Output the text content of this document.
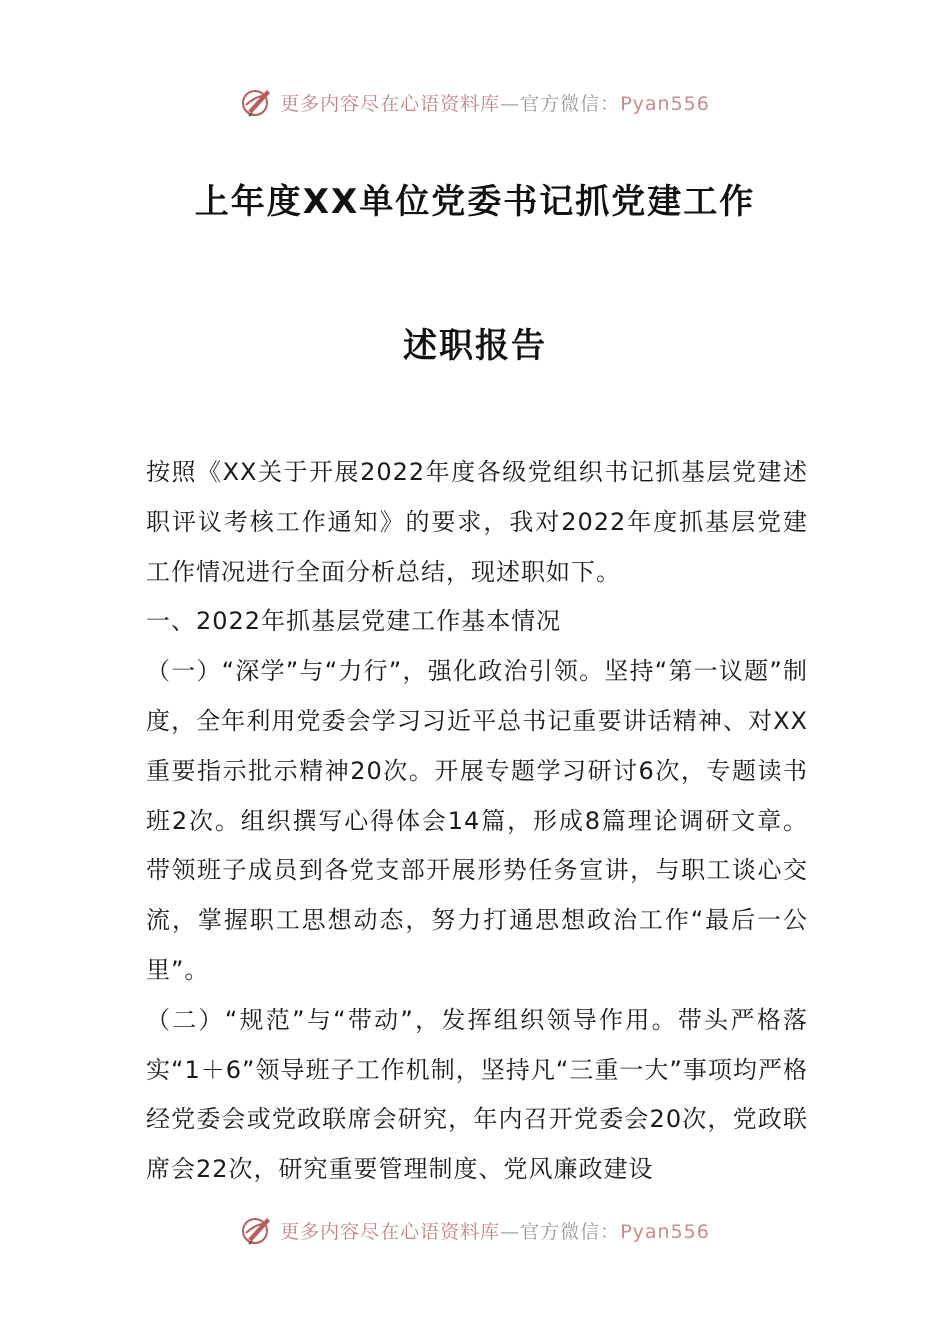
更多内容尽在心语资料库—官方微信：Pyan556
上年度XX单位党委书记抓党建工作
述职报告

按照《XX关于开展2022年度各级党组织书记抓基层党建述职评议考核工作通知》的要求，我对2022年度抓基层党建工作情况进行全面分析总结，现述职如下。

一、2022年抓基层党建工作基本情况

（一）“深学”与“力行”，强化政治引领。坚持“第一议题”制度，全年利用党委会学习习近平总书记重要讲话精神、对XX重要指示批示精神20次。开展专题学习研讨6次，专题读书班2次。组织撰写心得体会14篇，形成8篇理论调研文章。带领班子成员到各党支部开展形势任务宣讲，与职工谈心交流，掌握职工思想动态，努力打通思想政治工作“最后一公里”。

（二）“规范”与“带动”，发挥组织领导作用。带头严格落实“1＋6”领导班子工作机制，坚持凡“三重一大”事项均严格经党委会或党政联席会研究，年内召开党委会20次，党政联席会22次，研究重要管理制度、党风廉政建设

更多内容尽在心语资料库—官方微信：Pyan556
